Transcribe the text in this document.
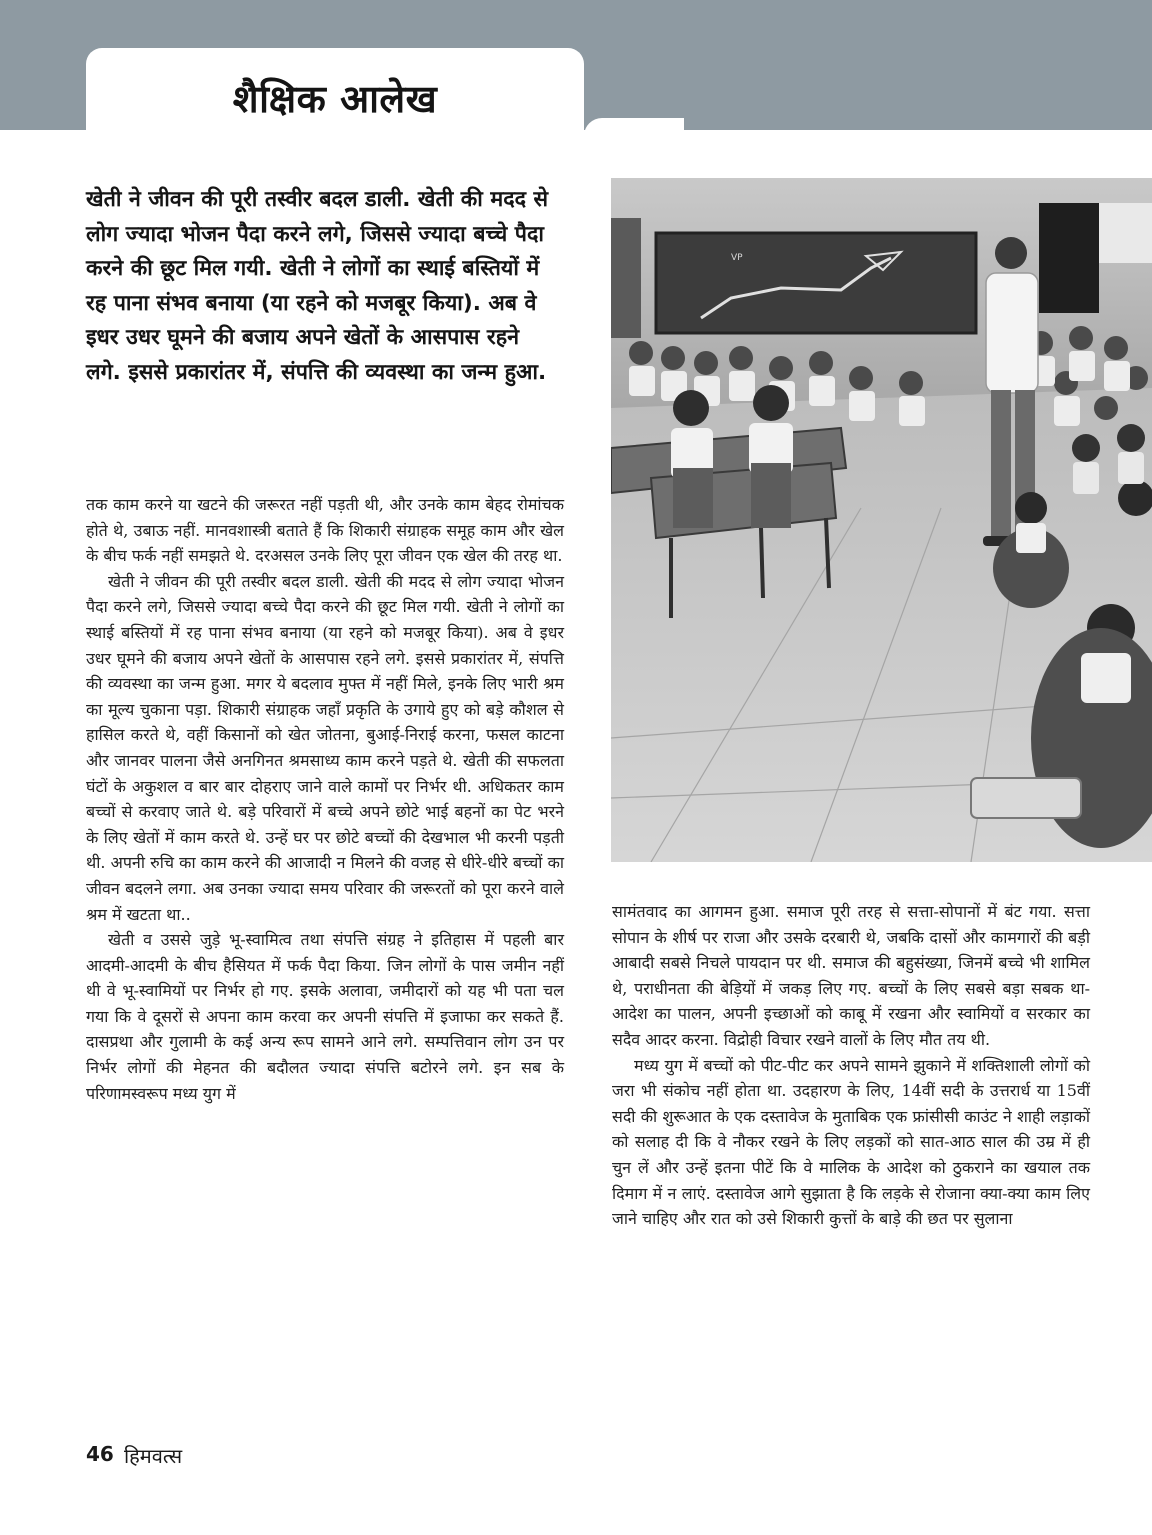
शैक्षिक आलेख
खेती ने जीवन की पूरी तस्वीर बदल डाली. खेती की मदद से लोग ज्यादा भोजन पैदा करने लगे, जिससे ज्यादा बच्चे पैदा करने की छूट मिल गयी. खेती ने लोगों का स्थाई बस्तियों में रह पाना संभव बनाया (या रहने को मजबूर किया). अब वे इधर उधर घूमने की बजाय अपने खेतों के आसपास रहने लगे. इससे प्रकारांतर में, संपत्ति की व्यवस्था का जन्म हुआ.
VP

तक काम करने या खटने की जरूरत नहीं पड़ती थी, और उनके काम बेहद रोमांचक होते थे, उबाऊ नहीं. मानवशास्त्री बताते हैं कि शिकारी संग्राहक समूह काम और खेल के बीच फर्क नहीं समझते थे. दरअसल उनके लिए पूरा जीवन एक खेल की तरह था.

खेती ने जीवन की पूरी तस्वीर बदल डाली. खेती की मदद से लोग ज्यादा भोजन पैदा करने लगे, जिससे ज्यादा बच्चे पैदा करने की छूट मिल गयी. खेती ने लोगों का स्थाई बस्तियों में रह पाना संभव बनाया (या रहने को मजबूर किया). अब वे इधर उधर घूमने की बजाय अपने खेतों के आसपास रहने लगे. इससे प्रकारांतर में, संपत्ति की व्यवस्था का जन्म हुआ. मगर ये बदलाव मुफ्त में नहीं मिले, इनके लिए भारी श्रम का मूल्य चुकाना पड़ा. शिकारी संग्राहक जहाँ प्रकृति के उगाये हुए को बड़े कौशल से हासिल करते थे, वहीं किसानों को खेत जोतना, बुआई-निराई करना, फसल काटना और जानवर पालना जैसे अनगिनत श्रमसाध्य काम करने पड़ते थे. खेती की सफलता घंटों के अकुशल व बार बार दोहराए जाने वाले कामों पर निर्भर थी. अधिकतर काम बच्चों से करवाए जाते थे. बड़े परिवारों में बच्चे अपने छोटे भाई बहनों का पेट भरने के लिए खेतों में काम करते थे. उन्हें घर पर छोटे बच्चों की देखभाल भी करनी पड़ती थी. अपनी रुचि का काम करने की आजादी न मिलने की वजह से धीरे-धीरे बच्चों का जीवन बदलने लगा. अब उनका ज्यादा समय परिवार की जरूरतों को पूरा करने वाले श्रम में खटता था..

खेती व उससे जुड़े भू-स्वामित्व तथा संपत्ति संग्रह ने इतिहास में पहली बार आदमी-आदमी के बीच हैसियत में फर्क पैदा किया. जिन लोगों के पास जमीन नहीं थी वे भू-स्वामियों पर निर्भर हो गए. इसके अलावा, जमीदारों को यह भी पता चल गया कि वे दूसरों से अपना काम करवा कर अपनी संपत्ति में इजाफा कर सकते हैं. दासप्रथा और गुलामी के कई अन्य रूप सामने आने लगे. सम्पत्तिवान लोग उन पर निर्भर लोगों की मेहनत की बदौलत ज्यादा संपत्ति बटोरने लगे. इन सब के परिणामस्वरूप मध्य युग में

सामंतवाद का आगमन हुआ. समाज पूरी तरह से सत्ता-सोपानों में बंट गया. सत्ता सोपान के शीर्ष पर राजा और उसके दरबारी थे, जबकि दासों और कामगारों की बड़ी आबादी सबसे निचले पायदान पर थी. समाज की बहुसंख्या, जिनमें बच्चे भी शामिल थे, पराधीनता की बेड़ियों में जकड़ लिए गए. बच्चों के लिए सबसे बड़ा सबक था- आदेश का पालन, अपनी इच्छाओं को काबू में रखना और स्वामियों व सरकार का सदैव आदर करना. विद्रोही विचार रखने वालों के लिए मौत तय थी.

मध्य युग में बच्चों को पीट-पीट कर अपने सामने झुकाने में शक्तिशाली लोगों को जरा भी संकोच नहीं होता था. उदहारण के लिए, 14वीं सदी के उत्तरार्ध या 15वीं सदी की शुरूआत के एक दस्तावेज के मुताबिक एक फ्रांसीसी काउंट ने शाही लड़ाकों को सलाह दी कि वे नौकर रखने के लिए लड़कों को सात-आठ साल की उम्र में ही चुन लें और उन्हें इतना पीटें कि वे मालिक के आदेश को ठुकराने का खयाल तक दिमाग में न लाएं. दस्तावेज आगे सुझाता है कि लड़के से रोजाना क्या-क्या काम लिए जाने चाहिए और रात को उसे शिकारी कुत्तों के बाड़े की छत पर सुलाना

46 हिमवत्स
